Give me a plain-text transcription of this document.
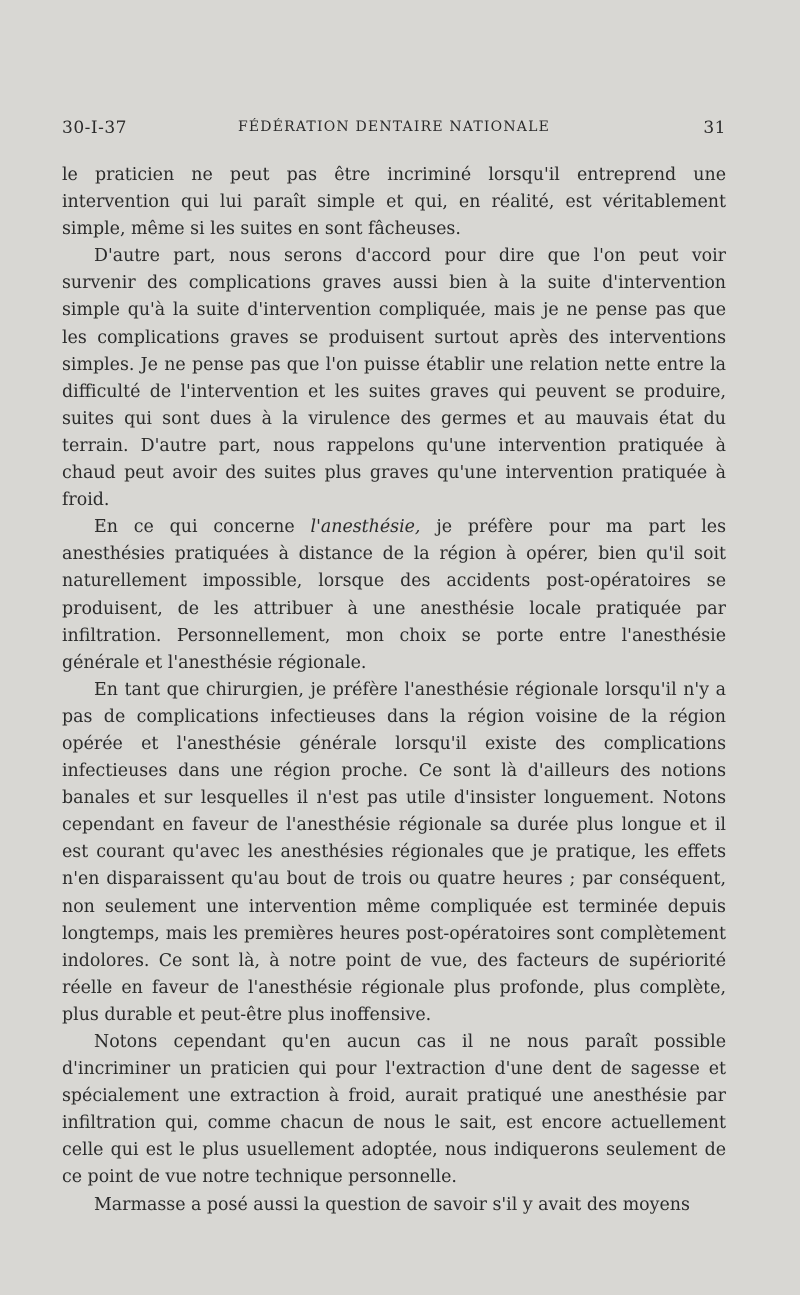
30-I-37	FÉDÉRATION DENTAIRE NATIONALE	31

le praticien ne peut pas être incriminé lorsqu'il entreprend une intervention qui lui paraît simple et qui, en réalité, est véritablement simple, même si les suites en sont fâcheuses.

D'autre part, nous serons d'accord pour dire que l'on peut voir survenir des complications graves aussi bien à la suite d'intervention simple qu'à la suite d'intervention compliquée, mais je ne pense pas que les complications graves se produisent surtout après des interventions simples. Je ne pense pas que l'on puisse établir une relation nette entre la difficulté de l'intervention et les suites graves qui peuvent se produire, suites qui sont dues à la virulence des germes et au mauvais état du terrain. D'autre part, nous rappelons qu'une intervention pratiquée à chaud peut avoir des suites plus graves qu'une intervention pratiquée à froid.

En ce qui concerne l'anesthésie, je préfère pour ma part les anesthésies pratiquées à distance de la région à opérer, bien qu'il soit naturellement impossible, lorsque des accidents post-opératoires se produisent, de les attribuer à une anesthésie locale pratiquée par infiltration. Personnellement, mon choix se porte entre l'anesthésie générale et l'anesthésie régionale.

En tant que chirurgien, je préfère l'anesthésie régionale lorsqu'il n'y a pas de complications infectieuses dans la région voisine de la région opérée et l'anesthésie générale lorsqu'il existe des complications infectieuses dans une région proche. Ce sont là d'ailleurs des notions banales et sur lesquelles il n'est pas utile d'insister longuement. Notons cependant en faveur de l'anesthésie régionale sa durée plus longue et il est courant qu'avec les anesthésies régionales que je pratique, les effets n'en disparaissent qu'au bout de trois ou quatre heures ; par conséquent, non seulement une intervention même compliquée est terminée depuis longtemps, mais les premières heures post-opératoires sont complètement indolores. Ce sont là, à notre point de vue, des facteurs de supériorité réelle en faveur de l'anesthésie régionale plus profonde, plus complète, plus durable et peut-être plus inoffensive.

Notons cependant qu'en aucun cas il ne nous paraît possible d'incriminer un praticien qui pour l'extraction d'une dent de sagesse et spécialement une extraction à froid, aurait pratiqué une anesthésie par infiltration qui, comme chacun de nous le sait, est encore actuellement celle qui est le plus usuellement adoptée, nous indiquerons seulement de ce point de vue notre technique personnelle.

Marmasse a posé aussi la question de savoir s'il y avait des moyens
